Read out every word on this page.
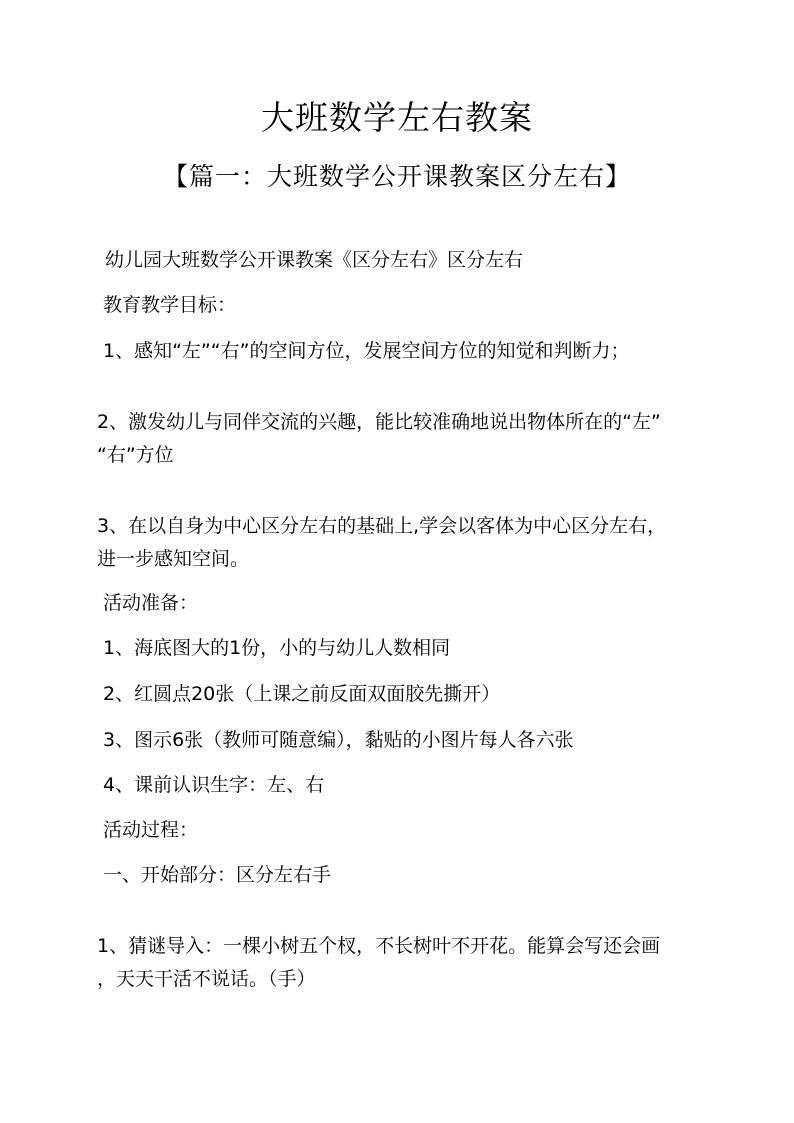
大班数学左右教案
【篇一：大班数学公开课教案区分左右】
幼儿园大班数学公开课教案《区分左右》区分左右
教育教学目标：
1、感知“左”“右”的空间方位，发展空间方位的知觉和判断力；
2、激发幼儿与同伴交流的兴趣，能比较准确地说出物体所在的“左”
“右”方位
3、在以自身为中心区分左右的基础上,学会以客体为中心区分左右，
进一步感知空间。
活动准备：
1、海底图大的1份，小的与幼儿人数相同
2、红圆点20张（上课之前反面双面胶先撕开）
3、图示6张（教师可随意编），黏贴的小图片每人各六张
4、课前认识生字：左、右
活动过程：
一、开始部分：区分左右手
1、猜谜导入：一棵小树五个杈，不长树叶不开花。能算会写还会画
，天天干活不说话。（手）
